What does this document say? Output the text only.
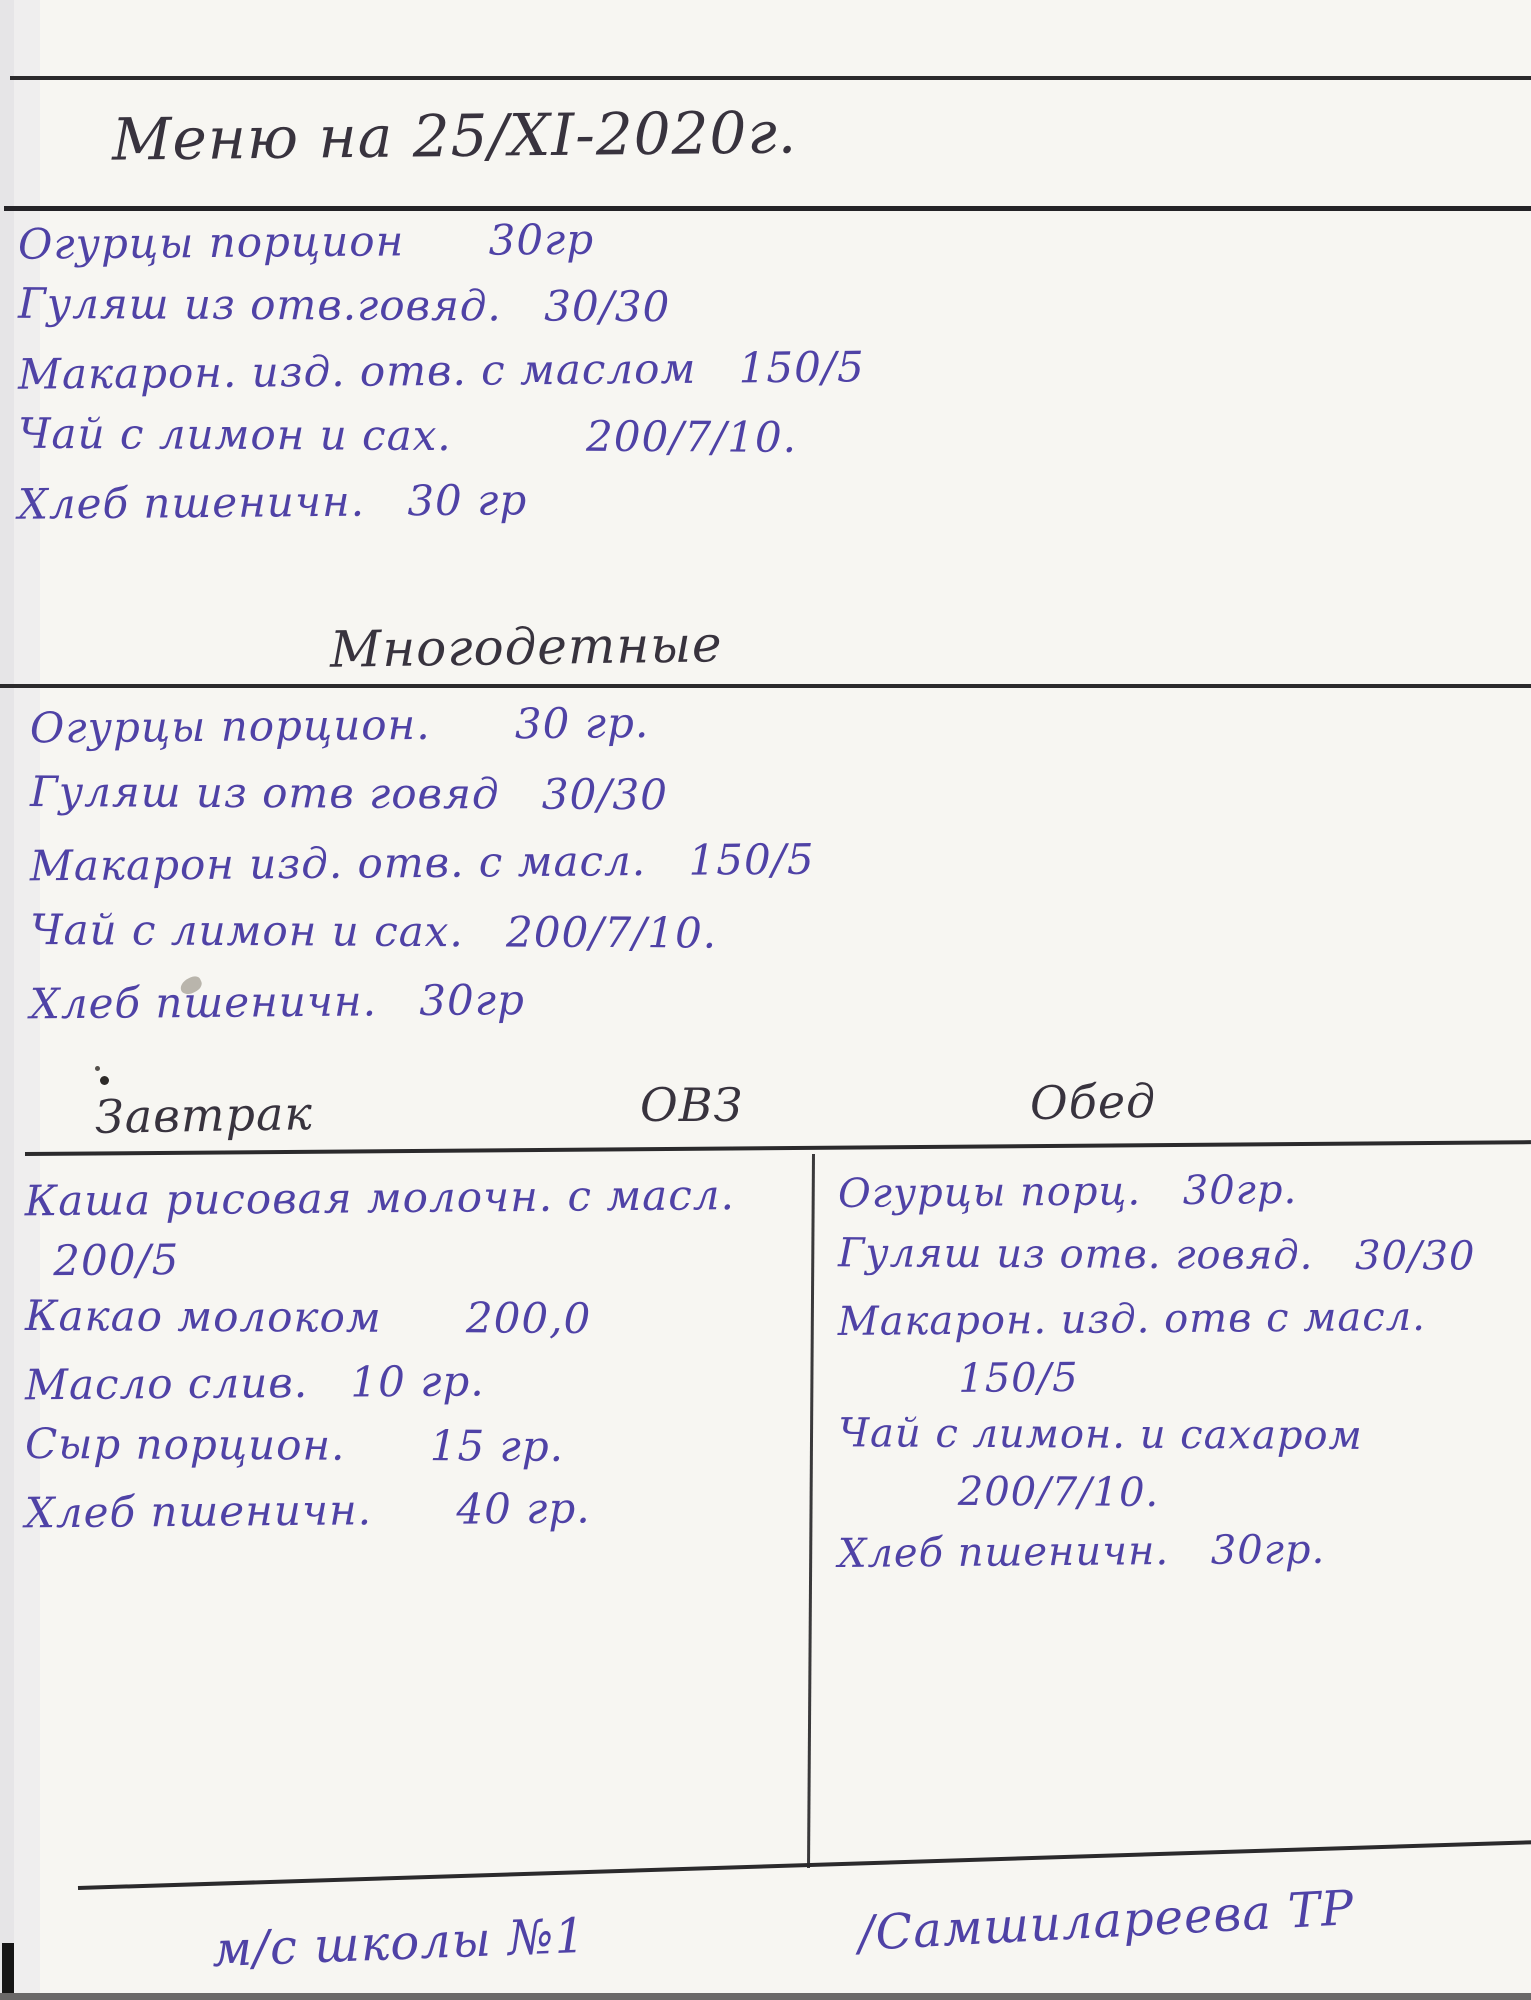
Меню на 25/XI-2020г.
Огурцы порцион 30гр
Гуляш из отв.говяд. 30/30
Макарон. изд. отв. с маслом 150/5
Чай с лимон и сах.	200/7/10.
Хлеб пшеничн. 30 гр
Многодетные
Огурцы порцион. 30 гр.
Гуляш из отв говяд 30/30
Макарон изд. отв. с масл. 150/5
Чай с лимон и сах. 200/7/10.
Хлеб пшеничн. 30гр
Завтрак	ОВЗ	Обед
Каша рисовая молочн. с масл. 200/5
Какао молоком 200,0
Масло слив. 10 гр.
Сыр порцион. 15 гр.
Хлеб пшеничн. 40 гр.
Огурцы порц. 30гр.
Гуляш из отв. говяд. 30/30
Макарон. изд. отв с масл. 150/5
Чай с лимон. и сахаром 200/7/10.
Хлеб пшеничн. 30гр.
м/с школы №1	/Самшилареева ТР
